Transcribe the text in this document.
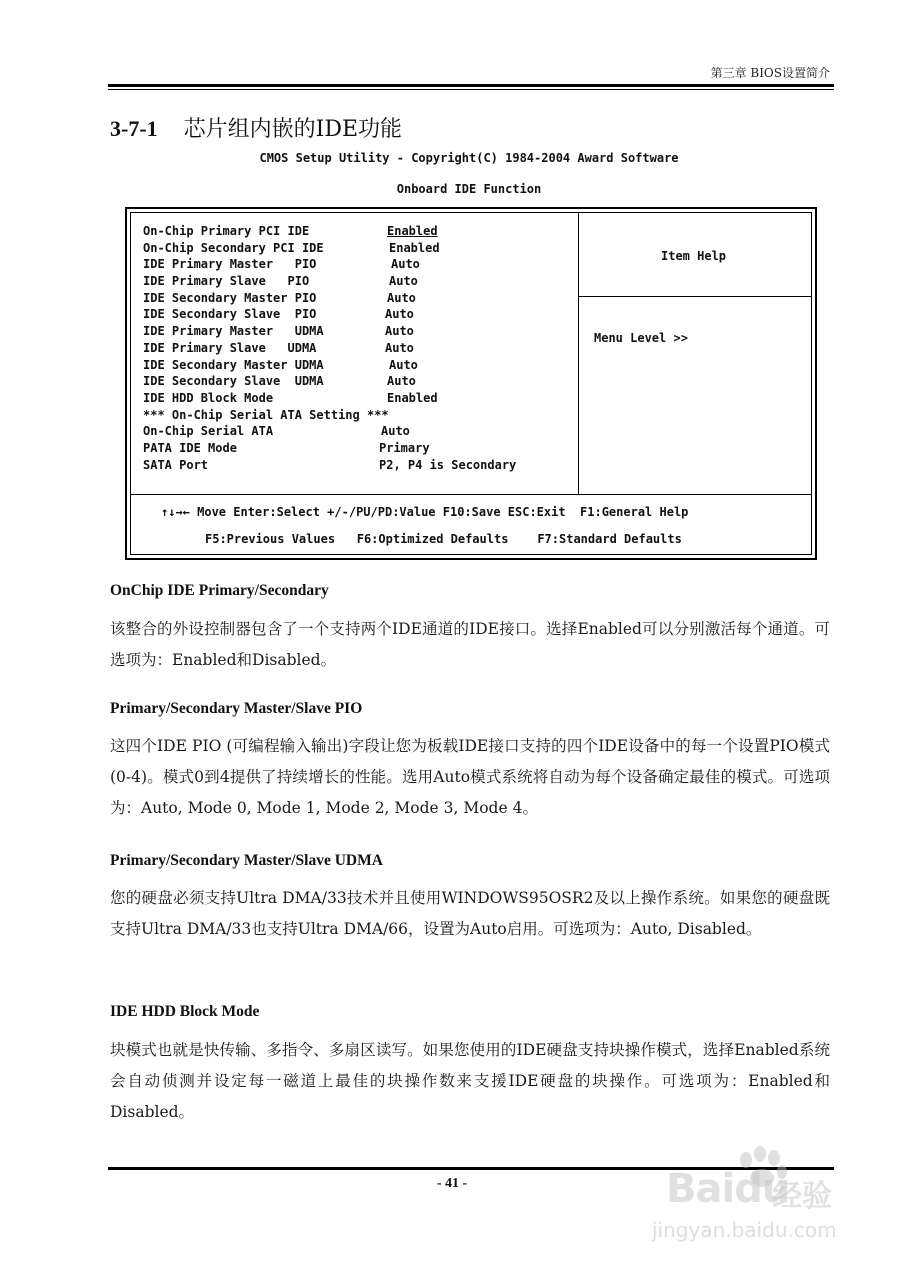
第三章 BIOS设置简介
3-7-1 芯片组内嵌的IDE功能
CMOS Setup Utility - Copyright(C) 1984-2004 Award Software
Onboard IDE Function
On-Chip Primary PCI IDE	Enabled
On-Chip Secondary PCI IDE	Enabled
IDE Primary Master   PIO	Auto
IDE Primary Slave   PIO	Auto
IDE Secondary Master PIO	Auto
IDE Secondary Slave  PIO	Auto
IDE Primary Master   UDMA	Auto
IDE Primary Slave   UDMA	Auto
IDE Secondary Master UDMA	Auto
IDE Secondary Slave  UDMA	Auto
IDE HDD Block Mode	Enabled
*** On-Chip Serial ATA Setting ***
On-Chip Serial ATA	Auto
PATA IDE Mode	Primary
SATA Port	P2, P4 is Secondary
Item Help
Menu Level >>
↑↓→← Move Enter:Select +/-/PU/PD:Value F10:Save ESC:Exit  F1:General Help
F5:Previous Values   F6:Optimized Defaults    F7:Standard Defaults
OnChip IDE Primary/Secondary
该整合的外设控制器包含了一个支持两个IDE通道的IDE接口。选择Enabled可以分别激活每个通道。可选项为：Enabled和Disabled。
Primary/Secondary Master/Slave PIO
这四个IDE PIO (可编程输入输出)字段让您为板载IDE接口支持的四个IDE设备中的每一个设置PIO模式(0-4)。模式0到4提供了持续增长的性能。选用Auto模式系统将自动为每个设备确定最佳的模式。可选项为：Auto, Mode 0, Mode 1, Mode 2, Mode 3, Mode 4。
Primary/Secondary Master/Slave UDMA
您的硬盘必须支持Ultra DMA/33技术并且使用WINDOWS95OSR2及以上操作系统。如果您的硬盘既支持Ultra DMA/33也支持Ultra DMA/66，设置为Auto启用。可选项为：Auto, Disabled。
IDE HDD Block Mode
块模式也就是快传输、多指令、多扇区读写。如果您使用的IDE硬盘支持块操作模式，选择Enabled系统会自动侦测并设定每一磁道上最佳的块操作数来支援IDE硬盘的块操作。可选项为：Enabled和Disabled。
- 41 -	Baidu
经验
jingyan.baidu.com
